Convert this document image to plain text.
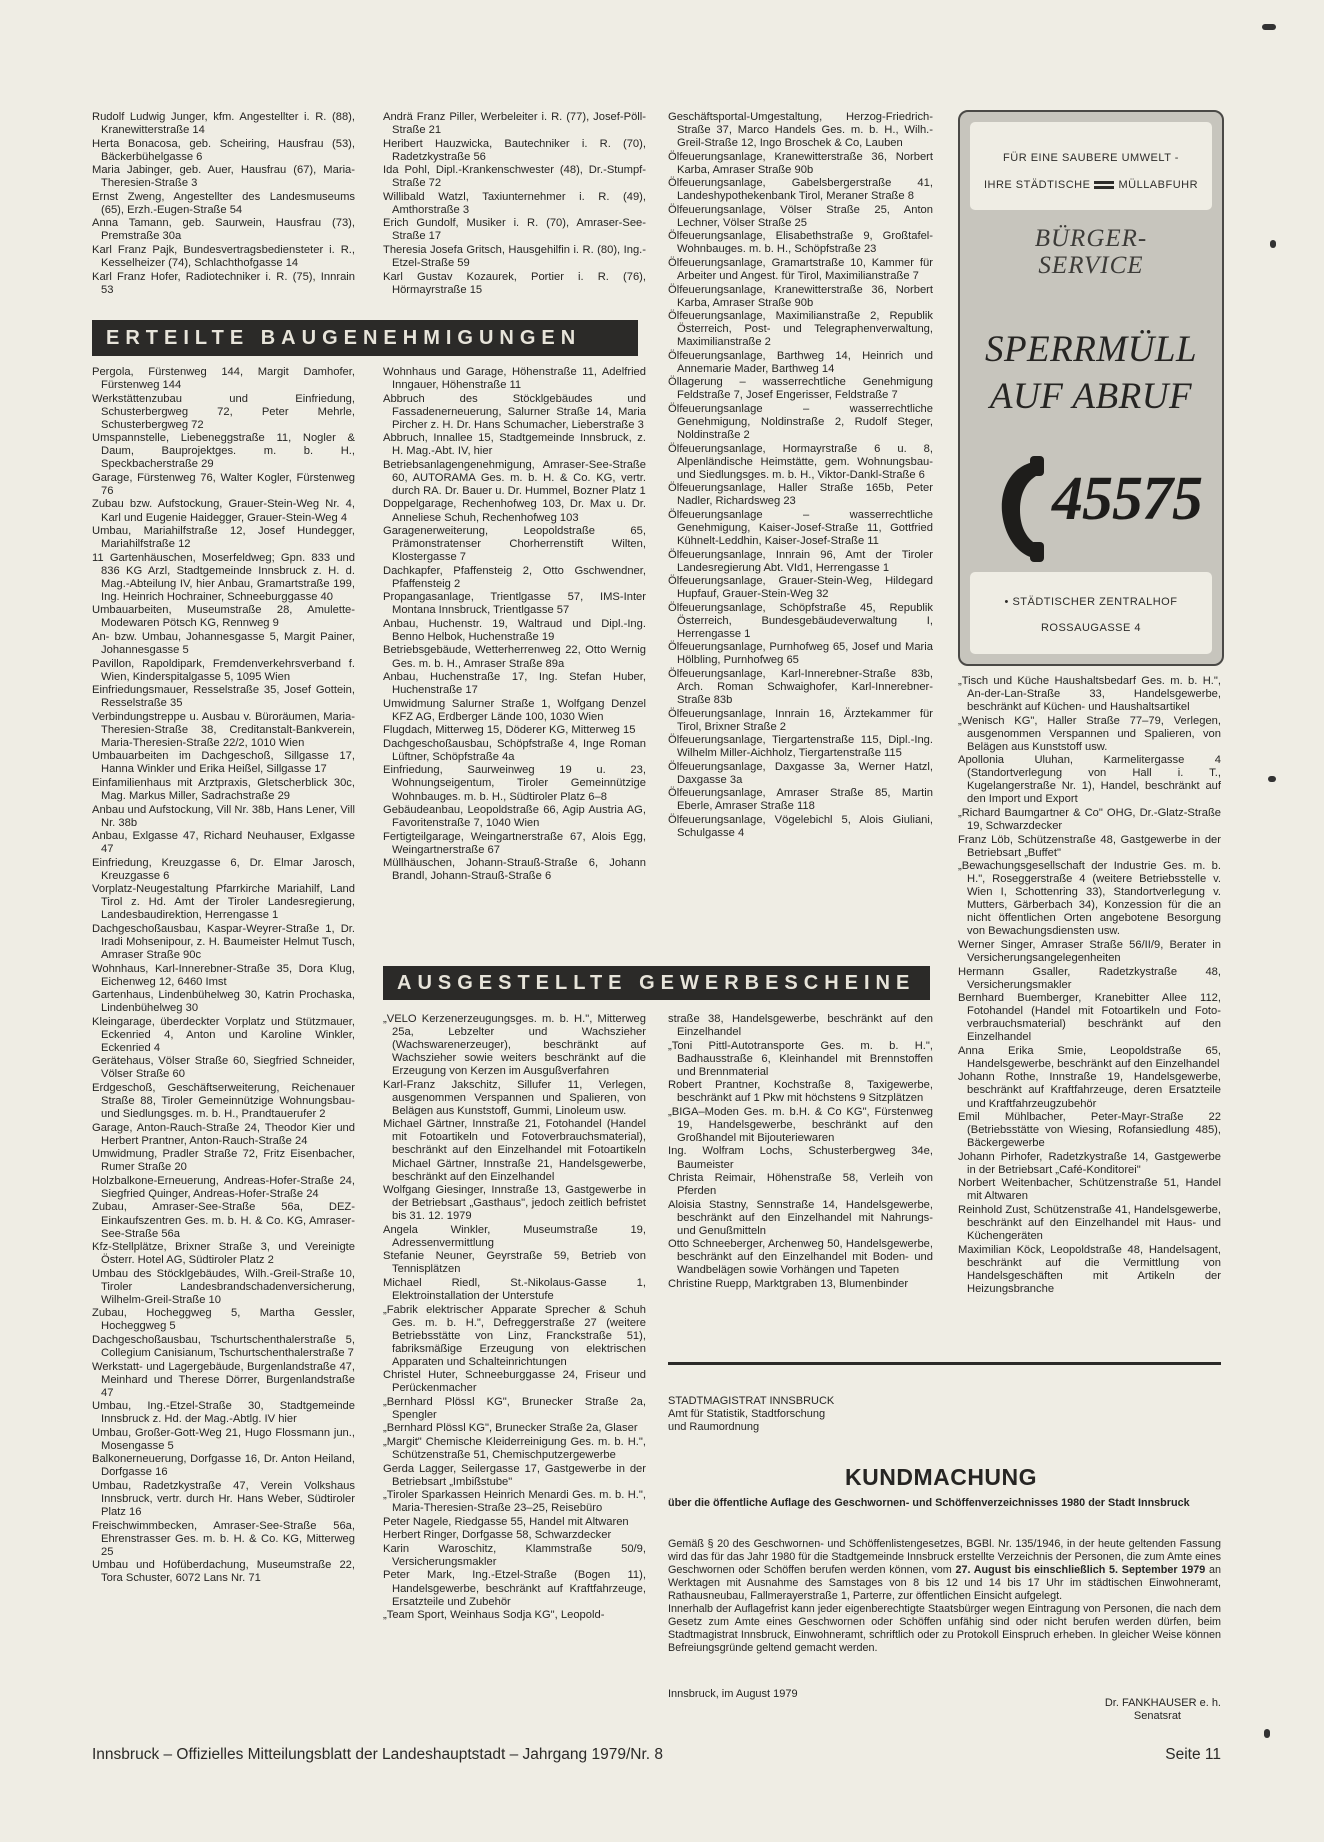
Rudolf Ludwig Junger, kfm. Angestellter i. R. (88), Kranewitterstraße 14

Herta Bonacosa, geb. Scheiring, Hausfrau (53), Bäckerbühelgasse 6

Maria Jabinger, geb. Auer, Hausfrau (67), Maria-Theresien-Straße 3

Ernst Zweng, Angestellter des Landesmuseums (65), Erzh.-Eugen-Straße 54

Anna Tamann, geb. Saurwein, Hausfrau (73), Premstraße 30a

Karl Franz Pajk, Bundesvertragsbediensteter i. R., Kesselheizer (74), Schlachthofgasse 14

Karl Franz Hofer, Radiotechniker i. R. (75), Innrain 53

Andrä Franz Piller, Werbeleiter i. R. (77), Josef-Pöll-Straße 21

Heribert Hauzwicka, Bautechniker i. R. (70), Radetzkystraße 56

Ida Pohl, Dipl.-Krankenschwester (48), Dr.-Stumpf-Straße 72

Willibald Watzl, Taxiunternehmer i. R. (49), Amthorstraße 3

Erich Gundolf, Musiker i. R. (70), Amraser-See-Straße 17

Theresia Josefa Gritsch, Hausgehilfin i. R. (80), Ing.-Etzel-Straße 59

Karl Gustav Kozaurek, Portier i. R. (76), Hörmayrstraße 15

Geschäftsportal-Umgestaltung, Herzog-Friedrich-Straße 37, Marco Handels Ges. m. b. H., Wilh.-Greil-Straße 12, Ingo Broschek & Co, Lauben

Ölfeuerungsanlage, Kranewitterstraße 36, Norbert Karba, Amraser Straße 90b

Ölfeuerungsanlage, Gabelsbergerstraße 41, Landeshypothekenbank Tirol, Meraner Straße 8

Ölfeuerungsanlage, Völser Straße 25, Anton Lechner, Völser Straße 25

Ölfeuerungsanlage, Elisabethstraße 9, Großtafel-Wohnbauges. m. b. H., Schöpfstraße 23

Ölfeuerungsanlage, Gramartstraße 10, Kammer für Arbeiter und Angest. für Tirol, Maximilianstraße 7

Ölfeuerungsanlage, Kranewitterstraße 36, Norbert Karba, Amraser Straße 90b

Ölfeuerungsanlage, Maximilianstraße 2, Republik Österreich, Post- und Telegraphenverwaltung, Maximilianstraße 2

Ölfeuerungsanlage, Barthweg 14, Heinrich und Annemarie Mader, Barthweg 14

Öllagerung – wasserrechtliche Genehmigung Feldstraße 7, Josef Engerisser, Feldstraße 7

Ölfeuerungsanlage – wasserrechtliche Genehmigung, Noldinstraße 2, Rudolf Steger, Noldinstraße 2

Ölfeuerungsanlage, Hormayrstraße 6 u. 8, Alpenländische Heimstätte, gem. Wohnungsbau- und Siedlungsges. m. b. H., Viktor-Dankl-Straße 6

Ölfeuerungsanlage, Haller Straße 165b, Peter Nadler, Richardsweg 23

Ölfeuerungsanlage – wasserrechtliche Genehmigung, Kaiser-Josef-Straße 11, Gottfried Kühnelt-Leddhin, Kaiser-Josef-Straße 11

Ölfeuerungsanlage, Innrain 96, Amt der Tiroler Landesregierung Abt. VId1, Herrengasse 1

Ölfeuerungsanlage, Grauer-Stein-Weg, Hildegard Hupfauf, Grauer-Stein-Weg 32

Ölfeuerungsanlage, Schöpfstraße 45, Republik Österreich, Bundesgebäudeverwaltung I, Herrengasse 1

Ölfeuerungsanlage, Purnhofweg 65, Josef und Maria Hölbling, Purnhofweg 65

Ölfeuerungsanlage, Karl-Innerebner-Straße 83b, Arch. Roman Schwaighofer, Karl-Innerebner-Straße 83b

Ölfeuerungsanlage, Innrain 16, Ärztekammer für Tirol, Brixner Straße 2

Ölfeuerungsanlage, Tiergartenstraße 115, Dipl.-Ing. Wilhelm Miller-Aichholz, Tiergartenstraße 115

Ölfeuerungsanlage, Daxgasse 3a, Werner Hatzl, Daxgasse 3a

Ölfeuerungsanlage, Amraser Straße 85, Martin Eberle, Amraser Straße 118

Ölfeuerungsanlage, Vögelebichl 5, Alois Giuliani, Schulgasse 4

FÜR EINE SAUBERE UMWELT -
IHRE STÄDTISCHE	MÜLLABFUHR
BÜRGER-
SERVICE
SPERRMÜLL
AUF ABRUF
45575
• STÄDTISCHER ZENTRALHOF
ROSSAUGASSE 4
ERTEILTE BAUGENEHMIGUNGEN

Pergola, Fürstenweg 144, Margit Damhofer, Fürstenweg 144

Werkstättenzubau und Einfriedung, Schusterbergweg 72, Peter Mehrle, Schusterbergweg 72

Umspannstelle, Liebeneggstraße 11, Nogler & Daum, Bauprojektges. m. b. H., Speckbacherstraße 29

Garage, Fürstenweg 76, Walter Kogler, Fürstenweg 76

Zubau bzw. Aufstockung, Grauer-Stein-Weg Nr. 4, Karl und Eugenie Haidegger, Grauer-Stein-Weg 4

Umbau, Mariahilfstraße 12, Josef Hundegger, Mariahilfstraße 12

11 Gartenhäuschen, Moserfeldweg; Gpn. 833 und 836 KG Arzl, Stadtgemeinde Innsbruck z. H. d. Mag.-Abteilung IV, hier Anbau, Gramartstraße 199, Ing. Heinrich Hochrainer, Schneeburggasse 40

Umbauarbeiten, Museumstraße 28, Amulette-Modewaren Pötsch KG, Rennweg 9

An- bzw. Umbau, Johannesgasse 5, Margit Painer, Johannesgasse 5

Pavillon, Rapoldipark, Fremdenverkehrsverband f. Wien, Kinderspitalgasse 5, 1095 Wien

Einfriedungsmauer, Resselstraße 35, Josef Gottein, Resselstraße 35

Verbindungstreppe u. Ausbau v. Büroräumen, Maria-Theresien-Straße 38, Creditanstalt-Bankverein, Maria-Theresien-Straße 22/2, 1010 Wien

Umbauarbeiten im Dachgeschoß, Sillgasse 17, Hanna Winkler und Erika Heißel, Sillgasse 17

Einfamilienhaus mit Arztpraxis, Gletscherblick 30c, Mag. Markus Miller, Sadrachstraße 29

Anbau und Aufstockung, Vill Nr. 38b, Hans Lener, Vill Nr. 38b

Anbau, Exlgasse 47, Richard Neuhauser, Exlgasse 47

Einfriedung, Kreuzgasse 6, Dr. Elmar Jarosch, Kreuzgasse 6

Vorplatz-Neugestaltung Pfarrkirche Mariahilf, Land Tirol z. Hd. Amt der Tiroler Landesregierung, Landesbaudirektion, Herrengasse 1

Dachgeschoßausbau, Kaspar-Weyrer-Straße 1, Dr. Iradi Mohsenipour, z. H. Baumeister Helmut Tusch, Amraser Straße 90c

Wohnhaus, Karl-Innerebner-Straße 35, Dora Klug, Eichenweg 12, 6460 Imst

Gartenhaus, Lindenbühelweg 30, Katrin Prochaska, Lindenbühelweg 30

Kleingarage, überdeckter Vorplatz und Stützmauer, Eckenried 4, Anton und Karoline Winkler, Eckenried 4

Gerätehaus, Völser Straße 60, Siegfried Schneider, Völser Straße 60

Erdgeschoß, Geschäftserweiterung, Reichenauer Straße 88, Tiroler Gemeinnützige Wohnungsbau- und Siedlungsges. m. b. H., Prandtauerufer 2

Garage, Anton-Rauch-Straße 24, Theodor Kier und Herbert Prantner, Anton-Rauch-Straße 24

Umwidmung, Pradler Straße 72, Fritz Eisenbacher, Rumer Straße 20

Holzbalkone-Erneuerung, Andreas-Hofer-Straße 24, Siegfried Quinger, Andreas-Hofer-Straße 24

Zubau, Amraser-See-Straße 56a, DEZ-Einkaufszentren Ges. m. b. H. & Co. KG, Amraser-See-Straße 56a

Kfz-Stellplätze, Brixner Straße 3, und Vereinigte Österr. Hotel AG, Südtiroler Platz 2

Umbau des Stöcklgebäudes, Wilh.-Greil-Straße 10, Tiroler Landesbrandschadenversicherung, Wilhelm-Greil-Straße 10

Zubau, Hocheggweg 5, Martha Gessler, Hocheggweg 5

Dachgeschoßausbau, Tschurtschenthalerstraße 5, Collegium Canisianum, Tschurtschenthalerstraße 7

Werkstatt- und Lagergebäude, Burgenlandstraße 47, Meinhard und Therese Dörrer, Burgenlandstraße 47

Umbau, Ing.-Etzel-Straße 30, Stadtgemeinde Innsbruck z. Hd. der Mag.-Abtlg. IV hier

Umbau, Großer-Gott-Weg 21, Hugo Flossmann jun., Mosengasse 5

Balkonerneuerung, Dorfgasse 16, Dr. Anton Heiland, Dorfgasse 16

Umbau, Radetzkystraße 47, Verein Volkshaus Innsbruck, vertr. durch Hr. Hans Weber, Südtiroler Platz 16

Freischwimmbecken, Amraser-See-Straße 56a, Ehrenstrasser Ges. m. b. H. & Co. KG, Mitterweg 25

Umbau und Hofüberdachung, Museumstraße 22, Tora Schuster, 6072 Lans Nr. 71

Wohnhaus und Garage, Höhenstraße 11, Adelfried Inngauer, Höhenstraße 11

Abbruch des Stöcklgebäudes und Fassadenerneuerung, Salurner Straße 14, Maria Pircher z. H. Dr. Hans Schumacher, Lieberstraße 3

Abbruch, Innallee 15, Stadtgemeinde Innsbruck, z. H. Mag.-Abt. IV, hier

Betriebsanlagengenehmigung, Amraser-See-Straße 60, AUTORAMA Ges. m. b. H. & Co. KG, vertr. durch RA. Dr. Bauer u. Dr. Hummel, Bozner Platz 1

Doppelgarage, Rechenhofweg 103, Dr. Max u. Dr. Anneliese Schuh, Rechenhofweg 103

Garagenerweiterung, Leopoldstraße 65, Prämonstratenser Chorherrenstift Wilten, Klostergasse 7

Dachkapfer, Pfaffensteig 2, Otto Gschwendner, Pfaffensteig 2

Propangasanlage, Trientlgasse 57, IMS-Inter Montana Innsbruck, Trientlgasse 57

Anbau, Huchenstr. 19, Waltraud und Dipl.-Ing. Benno Helbok, Huchenstraße 19

Betriebsgebäude, Wetterherrenweg 22, Otto Wernig Ges. m. b. H., Amraser Straße 89a

Anbau, Huchenstraße 17, Ing. Stefan Huber, Huchenstraße 17

Umwidmung Salurner Straße 1, Wolfgang Denzel KFZ AG, Erdberger Lände 100, 1030 Wien

Flugdach, Mitterweg 15, Döderer KG, Mitterweg 15

Dachgeschoßausbau, Schöpfstraße 4, Inge Roman Lüftner, Schöpfstraße 4a

Einfriedung, Saurweinweg 19 u. 23, Wohnungseigentum, Tiroler Gemeinnützige Wohnbauges. m. b. H., Südtiroler Platz 6–8

Gebäudeanbau, Leopoldstraße 66, Agip Austria AG, Favoritenstraße 7, 1040 Wien

Fertigteilgarage, Weingartnerstraße 67, Alois Egg, Weingartnerstraße 67

Müllhäuschen, Johann-Strauß-Straße 6, Johann Brandl, Johann-Strauß-Straße 6

„Tisch und Küche Haushaltsbedarf Ges. m. b. H.", An-der-Lan-Straße 33, Handelsgewerbe, beschränkt auf Küchen- und Haushaltsartikel

„Wenisch KG", Haller Straße 77–79, Verlegen, ausgenommen Verspannen und Spalieren, von Belägen aus Kunststoff usw.

Apollonia Uluhan, Karmelitergasse 4 (Standortverlegung von Hall i. T., Kugelangerstraße Nr. 1), Handel, beschränkt auf den Import und Export

„Richard Baumgartner & Co" OHG, Dr.-Glatz-Straße 19, Schwarzdecker

Franz Löb, Schützenstraße 48, Gastgewerbe in der Betriebsart „Buffet"

„Bewachungsgesellschaft der Industrie Ges. m. b. H.", Roseggerstraße 4 (weitere Betriebsstelle v. Wien I, Schottenring 33), Standortverlegung v. Mutters, Gärberbach 34), Konzession für die an nicht öffentlichen Orten angebotene Besorgung von Bewachungsdiensten usw.

Werner Singer, Amraser Straße 56/II/9, Berater in Versicherungsangelegenheiten

Hermann Gsaller, Radetzkystraße 48, Versicherungsmakler

Bernhard Buemberger, Kranebitter Allee 112, Fotohandel (Handel mit Fotoartikeln und Fotoverbrauchsmaterial) beschränkt auf den Einzelhandel

Anna Erika Smie, Leopoldstraße 65, Handelsgewerbe, beschränkt auf den Einzelhandel

Johann Rothe, Innstraße 19, Handelsgewerbe, beschränkt auf Kraftfahrzeuge, deren Ersatzteile und Kraftfahrzeugzubehör

Emil Mühlbacher, Peter-Mayr-Straße 22 (Betriebsstätte von Wiesing, Rofansiedlung 485), Bäckergewerbe

Johann Pirhofer, Radetzkystraße 14, Gastgewerbe in der Betriebsart „Café-Konditorei"

Norbert Weitenbacher, Schützenstraße 51, Handel mit Altwaren

Reinhold Zust, Schützenstraße 41, Handelsgewerbe, beschränkt auf den Einzelhandel mit Haus- und Küchengeräten

Maximilian Köck, Leopoldstraße 48, Handelsagent, beschränkt auf die Vermittlung von Handelsgeschäften mit Artikeln der Heizungsbranche

AUSGESTELLTE GEWERBESCHEINE

„VELO Kerzenerzeugungsges. m. b. H.", Mitterweg 25a, Lebzelter und Wachszieher (Wachswarenerzeuger), beschränkt auf Wachszieher sowie weiters beschränkt auf die Erzeugung von Kerzen im Ausgußverfahren

Karl-Franz Jakschitz, Sillufer 11, Verlegen, ausgenommen Verspannen und Spalieren, von Belägen aus Kunststoff, Gummi, Linoleum usw.

Michael Gärtner, Innstraße 21, Fotohandel (Handel mit Fotoartikeln und Fotoverbrauchsmaterial), beschränkt auf den Einzelhandel mit Fotoartikeln Michael Gärtner, Innstraße 21, Handelsgewerbe, beschränkt auf den Einzelhandel

Wolfgang Giesinger, Innstraße 13, Gastgewerbe in der Betriebsart „Gasthaus", jedoch zeitlich befristet bis 31. 12. 1979

Angela Winkler, Museumstraße 19, Adressenvermittlung

Stefanie Neuner, Geyrstraße 59, Betrieb von Tennisplätzen

Michael Riedl, St.-Nikolaus-Gasse 1, Elektroinstallation der Unterstufe

„Fabrik elektrischer Apparate Sprecher & Schuh Ges. m. b. H.", Defreggerstraße 27 (weitere Betriebsstätte von Linz, Franckstraße 51), fabriksmäßige Erzeugung von elektrischen Apparaten und Schalteinrichtungen

Christel Huter, Schneeburggasse 24, Friseur und Perückenmacher

„Bernhard Plössl KG", Brunecker Straße 2a, Spengler

„Bernhard Plössl KG", Brunecker Straße 2a, Glaser

„Margit" Chemische Kleiderreinigung Ges. m. b. H.", Schützenstraße 51, Chemischputzergewerbe

Gerda Lagger, Seilergasse 17, Gastgewerbe in der Betriebsart „Imbißstube"

„Tiroler Sparkassen Heinrich Menardi Ges. m. b. H.", Maria-Theresien-Straße 23–25, Reisebüro

Peter Nagele, Riedgasse 55, Handel mit Altwaren

Herbert Ringer, Dorfgasse 58, Schwarzdecker

Karin Waroschitz, Klammstraße 50/9, Versicherungsmakler

Peter Mark, Ing.-Etzel-Straße (Bogen 11), Handelsgewerbe, beschränkt auf Kraftfahrzeuge, Ersatzteile und Zubehör

„Team Sport, Weinhaus Sodja KG", Leopold-

straße 38, Handelsgewerbe, beschränkt auf den Einzelhandel

„Toni Pittl-Autotransporte Ges. m. b. H.", Badhausstraße 6, Kleinhandel mit Brennstoffen und Brennmaterial

Robert Prantner, Kochstraße 8, Taxigewerbe, beschränkt auf 1 Pkw mit höchstens 9 Sitzplätzen

„BIGA–Moden Ges. m. b.H. & Co KG", Fürstenweg 19, Handelsgewerbe, beschränkt auf den Großhandel mit Bijouteriewaren

Ing. Wolfram Lochs, Schusterbergweg 34e, Baumeister

Christa Reimair, Höhenstraße 58, Verleih von Pferden

Aloisia Stastny, Sennstraße 14, Handelsgewerbe, beschränkt auf den Einzelhandel mit Nahrungs- und Genußmitteln

Otto Schneeberger, Archenweg 50, Handelsgewerbe, beschränkt auf den Einzelhandel mit Boden- und Wandbelägen sowie Vorhängen und Tapeten

Christine Ruepp, Marktgraben 13, Blumenbinder

STADTMAGISTRAT INNSBRUCK
Amt für Statistik, Stadtforschung
und Raumordnung
KUNDMACHUNG
über die öffentliche Auflage des Geschwornen- und Schöffenverzeichnisses 1980 der Stadt Innsbruck

Gemäß § 20 des Geschwornen- und Schöffenlistengesetzes, BGBl. Nr. 135/1946, in der heute geltenden Fassung wird das für das Jahr 1980 für die Stadtgemeinde Innsbruck erstellte Verzeichnis der Personen, die zum Amte eines Geschwornen oder Schöffen berufen werden können, vom 27. August bis einschließlich 5. September 1979 an Werktagen mit Ausnahme des Samstages von 8 bis 12 und 14 bis 17 Uhr im städtischen Einwohneramt, Rathausneubau, Fallmerayerstraße 1, Parterre, zur öffentlichen Einsicht aufgelegt.

Innerhalb der Auflagefrist kann jeder eigenberechtigte Staatsbürger wegen Eintragung von Personen, die nach dem Gesetz zum Amte eines Geschwornen oder Schöffen unfähig sind oder nicht berufen werden dürfen, beim Stadtmagistrat Innsbruck, Einwohneramt, schriftlich oder zu Protokoll Einspruch erheben. In gleicher Weise können Befreiungsgründe geltend gemacht werden.

Innsbruck, im August 1979
Dr. FANKHAUSER e. h.
Senatsrat
Innsbruck – Offizielles Mitteilungsblatt der Landeshauptstadt – Jahrgang 1979/Nr. 8	Seite 11
